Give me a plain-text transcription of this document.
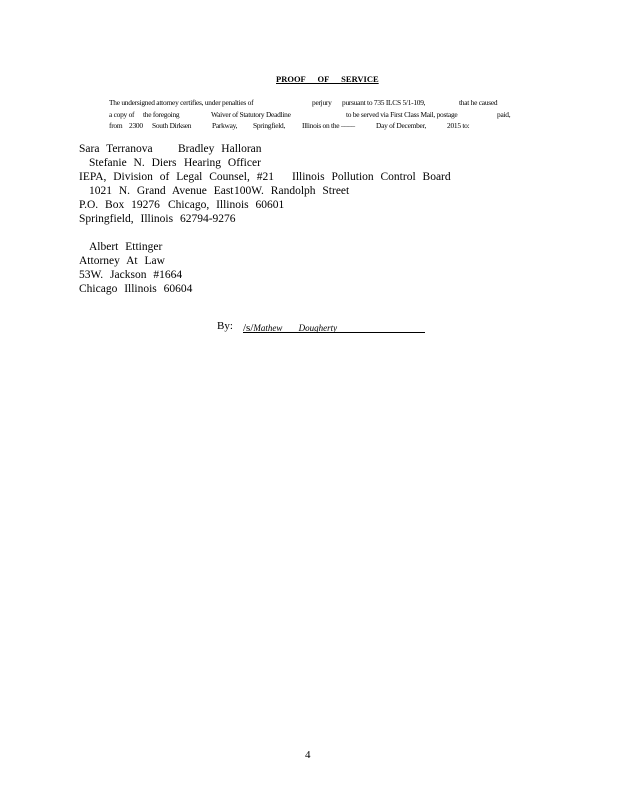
PROOF OF SERVICE
The undersigned attorney certifies, under penalties of	perjury pursuant to 735 ILCS 5/1-109,	that he caused
a copy of the foregoing	Waiver of Statutory Deadline	to be served via First Class Mail, postage	paid,
from 2300 South Dirksen	Parkway, Springfield, Illinois on the ____	Day of December,	2015 to:
Sara Terranova Bradley Halloran
Stefanie N. Diers Hearing Officer
IEPA, Division of Legal Counsel, #21 Illinois Pollution Control Board
1021 N. Grand Avenue East 100W. Randolph Street
P.O. Box 19276 Chicago, Illinois 60601
Springfield, Illinois 62794-9276
Albert Ettinger
Attorney At Law
53W. Jackson #1664
Chicago Illinois 60604
By: /s/Mathew Dougherty
4
